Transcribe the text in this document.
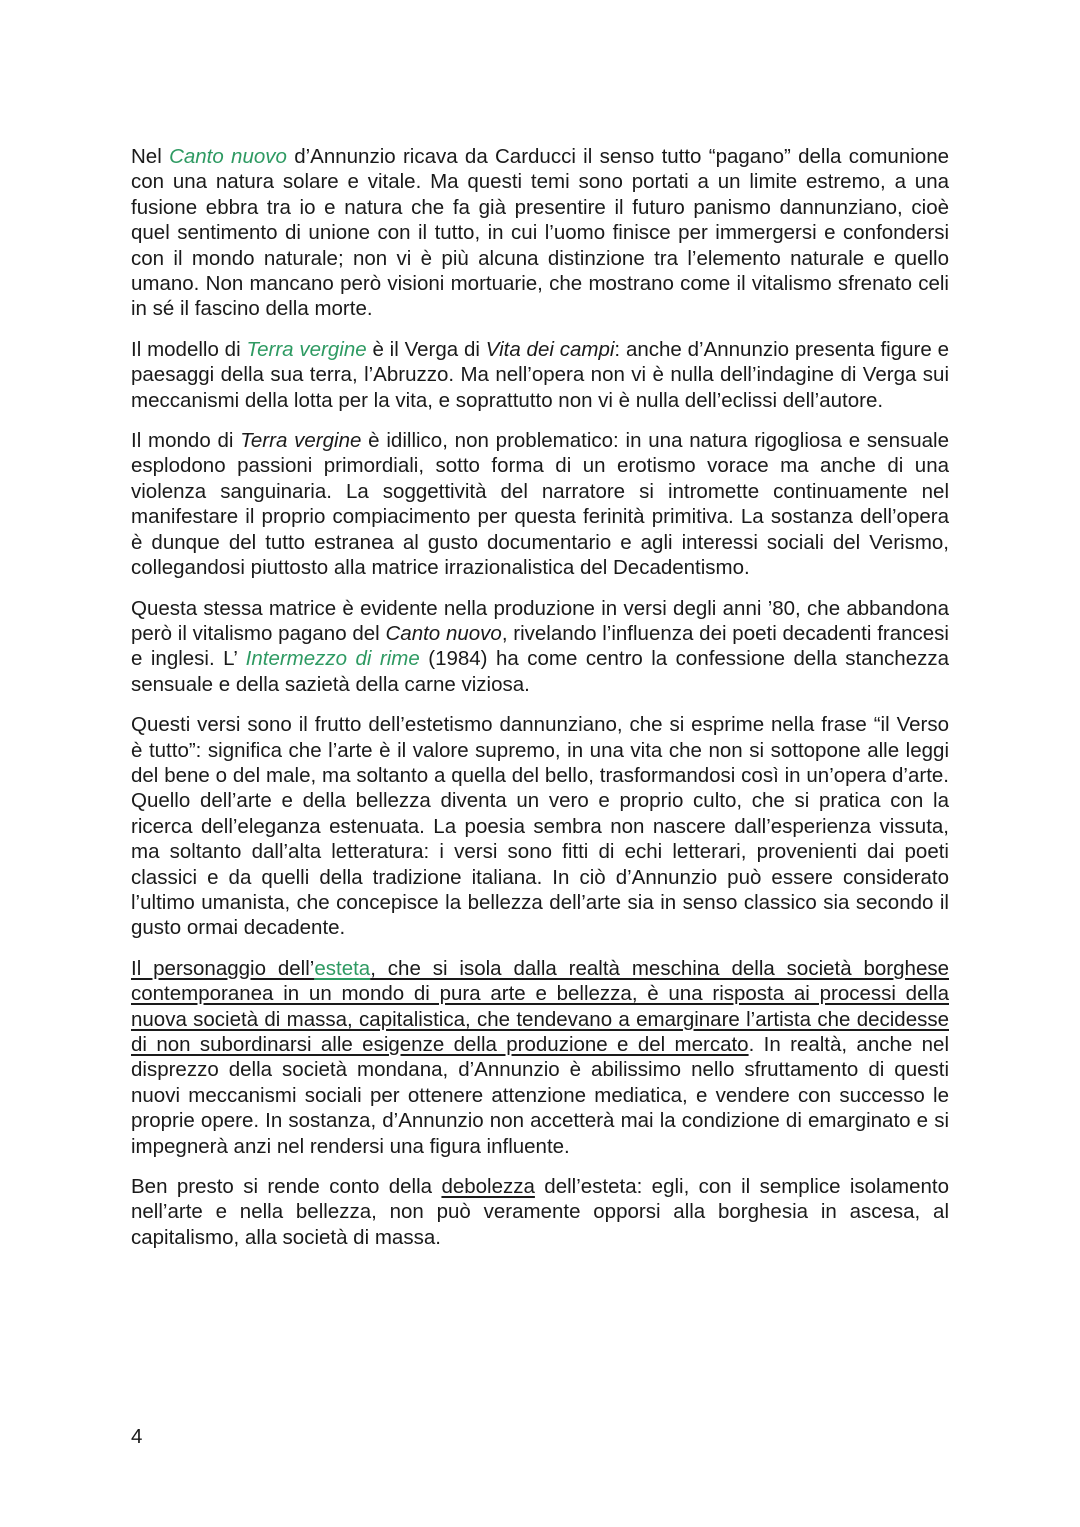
Nel Canto nuovo d’Annunzio ricava da Carducci il senso tutto “pagano” della comunione con una natura solare e vitale. Ma questi temi sono portati a un limite estremo, a una fusione ebbra tra io e natura che fa già presentire il futuro panismo dannunziano, cioè quel sentimento di unione con il tutto, in cui l’uomo finisce per immergersi e confondersi con il mondo naturale; non vi è più alcuna distinzione tra l’elemento naturale e quello umano. Non mancano però visioni mortuarie, che mostrano come il vitalismo sfrenato celi in sé il fascino della morte.

Il modello di Terra vergine è il Verga di Vita dei campi: anche d’Annunzio presenta figure e paesaggi della sua terra, l’Abruzzo. Ma nell’opera non vi è nulla dell’indagine di Verga sui meccanismi della lotta per la vita, e soprattutto non vi è nulla dell’eclissi dell’autore.

Il mondo di Terra vergine è idillico, non problematico: in una natura rigogliosa e sensuale esplodono passioni primordiali, sotto forma di un erotismo vorace ma anche di una violenza sanguinaria. La soggettività del narratore si intromette continuamente nel manifestare il proprio compiacimento per questa ferinità primitiva. La sostanza dell’opera è dunque del tutto estranea al gusto documentario e agli interessi sociali del Verismo, collegandosi piuttosto alla matrice irrazionalistica del Decadentismo.

Questa stessa matrice è evidente nella produzione in versi degli anni ’80, che abbandona però il vitalismo pagano del Canto nuovo, rivelando l’influenza dei poeti decadenti francesi e inglesi. L’ Intermezzo di rime (1984) ha come centro la confessione della stanchezza sensuale e della sazietà della carne viziosa.

Questi versi sono il frutto dell’estetismo dannunziano, che si esprime nella frase “il Verso è tutto”: significa che l’arte è il valore supremo, in una vita che non si sottopone alle leggi del bene o del male, ma soltanto a quella del bello, trasformandosi così in un’opera d’arte. Quello dell’arte e della bellezza diventa un vero e proprio culto, che si pratica con la ricerca dell’eleganza estenuata. La poesia sembra non nascere dall’esperienza vissuta, ma soltanto dall’alta letteratura: i versi sono fitti di echi letterari, provenienti dai poeti classici e da quelli della tradizione italiana. In ciò d’Annunzio può essere considerato l’ultimo umanista, che concepisce la bellezza dell’arte sia in senso classico sia secondo il gusto ormai decadente.

Il personaggio dell’esteta, che si isola dalla realtà meschina della società borghese contemporanea in un mondo di pura arte e bellezza, è una risposta ai processi della nuova società di massa, capitalistica, che tendevano a emarginare l’artista che decidesse di non subordinarsi alle esigenze della produzione e del mercato. In realtà, anche nel disprezzo della società mondana, d’Annunzio è abilissimo nello sfruttamento di questi nuovi meccanismi sociali per ottenere attenzione mediatica, e vendere con successo le proprie opere. In sostanza, d’Annunzio non accetterà mai la condizione di emarginato e si impegnerà anzi nel rendersi una figura influente.

Ben presto si rende conto della debolezza dell’esteta: egli, con il semplice isolamento nell’arte e nella bellezza, non può veramente opporsi alla borghesia in ascesa, al capitalismo, alla società di massa.

4
